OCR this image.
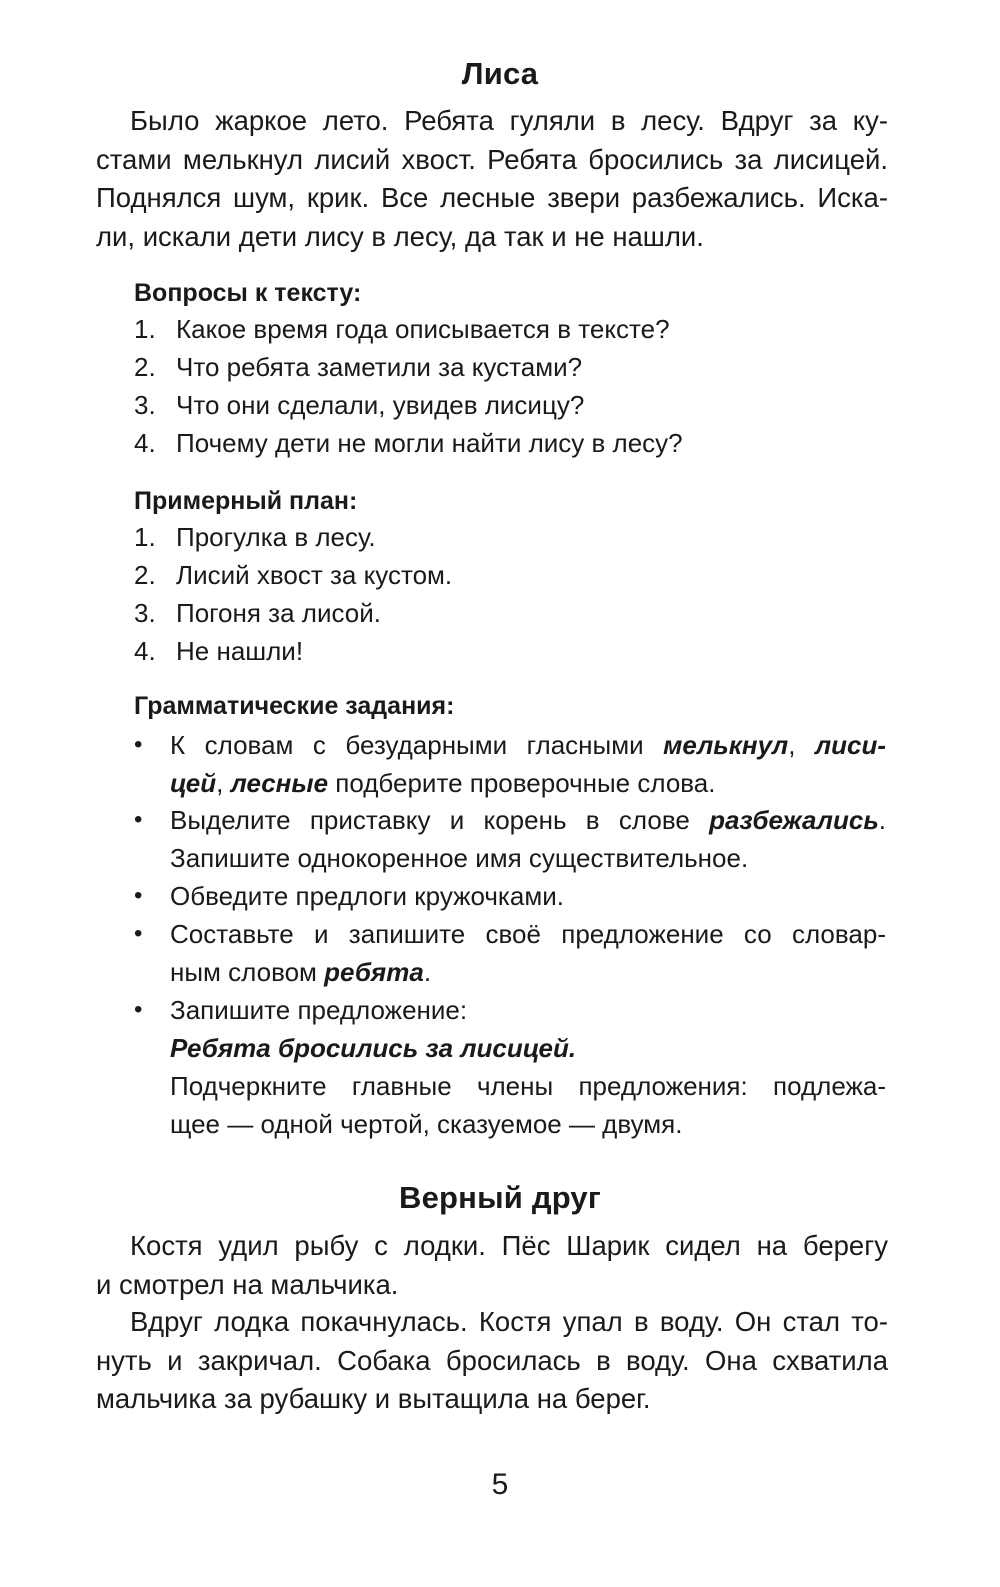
Лиса
Было жаркое лето. Ребята гуляли в лесу. Вдруг за ку-
стами мелькнул лисий хвост. Ребята бросились за лисицей.
Поднялся шум, крик. Все лесные звери разбежались. Иска-
ли, искали дети лису в лесу, да так и не нашли.
Вопросы к тексту:
1. Какое время года описывается в тексте?
2. Что ребята заметили за кустами?
3. Что они сделали, увидев лисицу?
4. Почему дети не могли найти лису в лесу?
Примерный план:
1. Прогулка в лесу.
2. Лисий хвост за кустом.
3. Погоня за лисой.
4. Не нашли!
Грамматические задания:
• К словам с безударными гласными мелькнул, лиси-
цей, лесные подберите проверочные слова.
• Выделите приставку и корень в слове разбежались.
Запишите однокоренное имя существительное.
• Обведите предлоги кружочками.
• Составьте и запишите своё предложение со словар-
ным словом ребята.
• Запишите предложение:
Ребята бросились за лисицей.
Подчеркните главные члены предложения: подлежа-
щее — одной чертой, сказуемое — двумя.
Верный друг
Костя удил рыбу с лодки. Пёс Шарик сидел на берегу
и смотрел на мальчика.
Вдруг лодка покачнулась. Костя упал в воду. Он стал то-
нуть и закричал. Собака бросилась в воду. Она схватила
мальчика за рубашку и вытащила на берег.
5
